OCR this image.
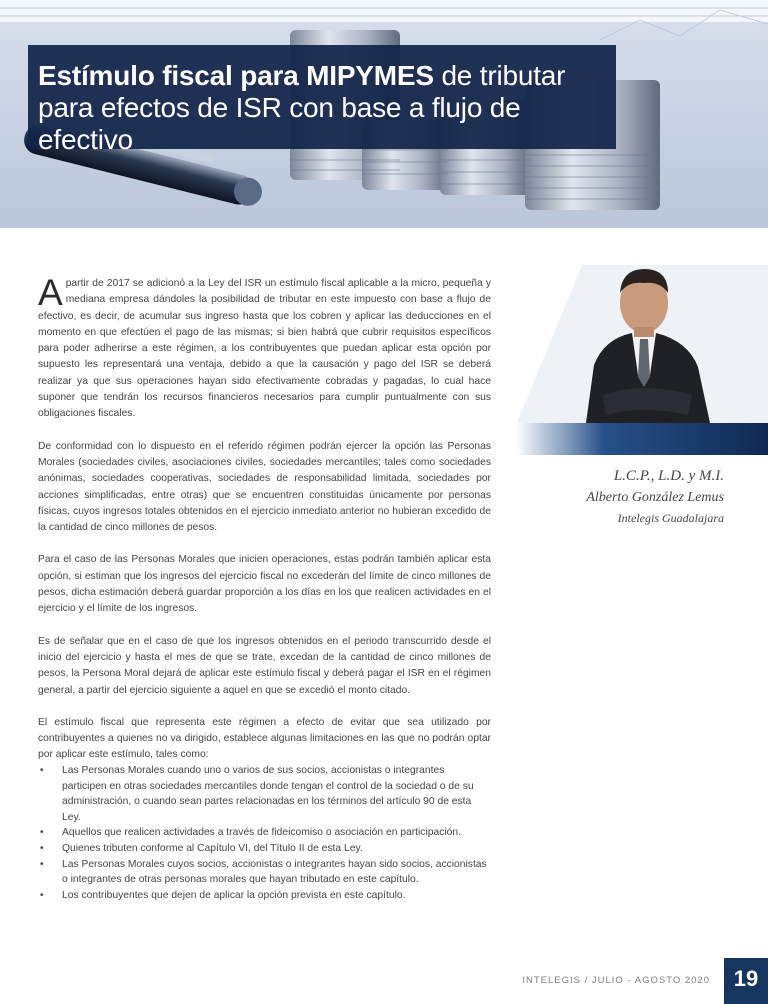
Estímulo fiscal para MIPYMES de tributar para efectos de ISR con base a flujo de efectivo
L.C.P., L.D. y M.I.
Alberto González Lemus
Intelegis Guadalajara

Apartir de 2017 se adicionó a la Ley del ISR un estímulo fiscal aplicable a la micro, pequeña y mediana empresa dándoles la posibilidad de tributar en este impuesto con base a flujo de efectivo, es decir, de acumular sus ingreso hasta que los cobren y aplicar las deducciones en el momento en que efectúen el pago de las mismas; si bien habrá que cubrir requisitos específicos para poder adherirse a este régimen, a los contribuyentes que puedan aplicar esta opción por supuesto les representará una ventaja, debido a que la causación y pago del ISR se deberá realizar ya que sus operaciones hayan sido efectivamente cobradas y pagadas, lo cual hace suponer que tendrán los recursos financieros necesarios para cumplir puntualmente con sus obligaciones fiscales.

De conformidad con lo dispuesto en el referido régimen podrán ejercer la opción las Personas Morales (sociedades civiles, asociaciones civiles, sociedades mercantiles; tales como sociedades anónimas, sociedades cooperativas, sociedades de responsabilidad limitada, sociedades por acciones simplificadas, entre otras) que se encuentren constituidas únicamente por personas físicas, cuyos ingresos totales obtenidos en el ejercicio inmediato anterior no hubieran excedido de la cantidad de cinco millones de pesos.

Para el caso de las Personas Morales que inicien operaciones, estas podrán también aplicar esta opción, si estiman que los ingresos del ejercicio fiscal no excederán del límite de cinco millones de pesos, dicha estimación deberá guardar proporción a los días en los que realicen actividades en el ejercicio y el límite de los ingresos.

Es de señalar que en el caso de que los ingresos obtenidos en el periodo transcurrido desde el inicio del ejercicio y hasta el mes de que se trate, excedan de la cantidad de cinco millones de pesos, la Persona Moral dejará de aplicar este estímulo fiscal y deberá pagar el ISR en el régimen general, a partir del ejercicio siguiente a aquel en que se excedió el monto citado.

El estímulo fiscal que representa este régimen a efecto de evitar que sea utilizado por contribuyentes a quienes no va dirigido, establece algunas limitaciones en las que no podrán optar por aplicar este estímulo, tales como:

• Las Personas Morales cuando uno o varios de sus socios, accionistas o integrantes participen en otras sociedades mercantiles donde tengan el control de la sociedad o de su administración, o cuando sean partes relacionadas en los términos del artículo 90 de esta Ley.
• Aquellos que realicen actividades a través de fideicomiso o asociación en participación.
• Quienes tributen conforme al Capítulo VI, del Título II de esta Ley.
• Las Personas Morales cuyos socios, accionistas o integrantes hayan sido socios, accionistas o integrantes de otras personas morales que hayan tributado en este capítulo.
• Los contribuyentes que dejen de aplicar la opción prevista en este capítulo.
INTELEGIS / JULIO - AGOSTO 2020	19
